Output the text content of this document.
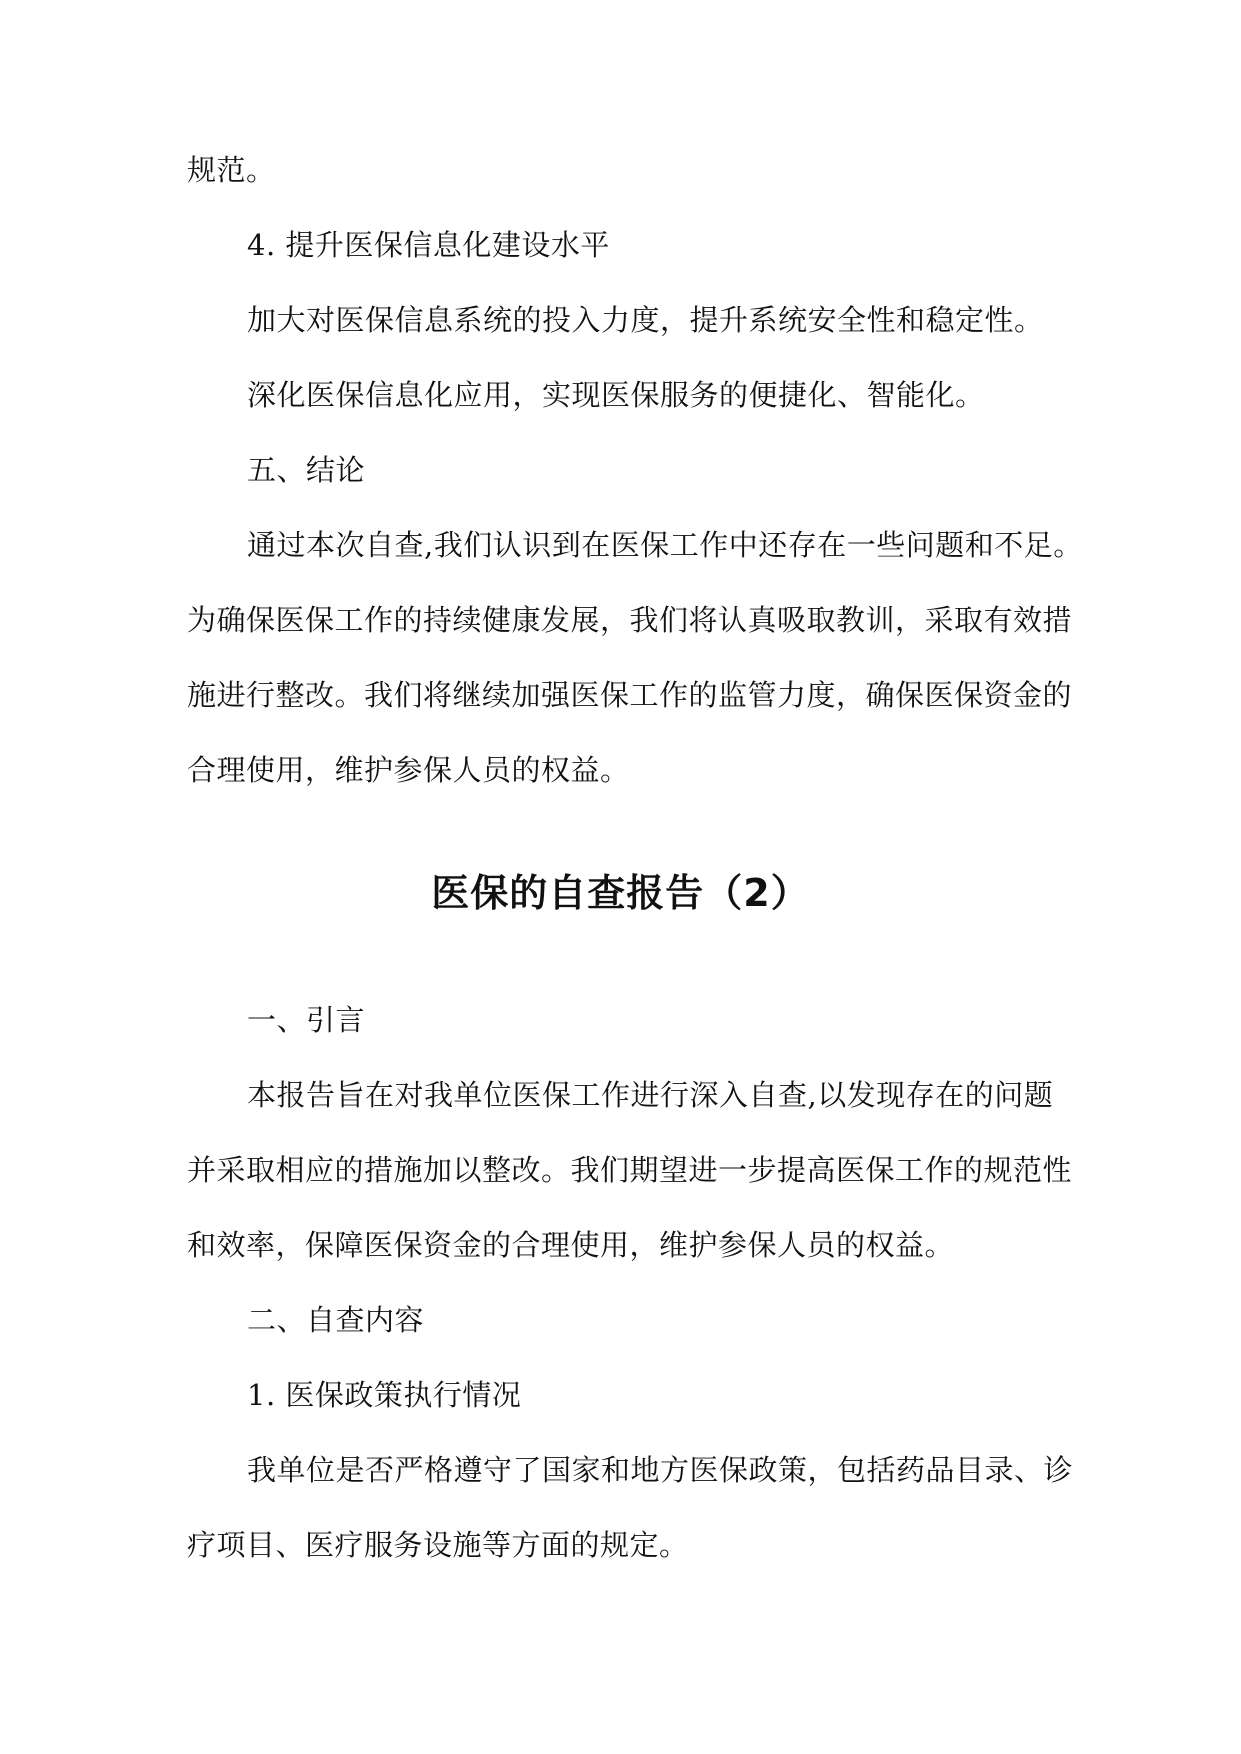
规范。
4. 提升医保信息化建设水平
加大对医保信息系统的投入力度，提升系统安全性和稳定性。
深化医保信息化应用，实现医保服务的便捷化、智能化。
五、结论
通过本次自查,我们认识到在医保工作中还存在一些问题和不足。
为确保医保工作的持续健康发展，我们将认真吸取教训，采取有效措
施进行整改。我们将继续加强医保工作的监管力度，确保医保资金的
合理使用，维护参保人员的权益。
医保的自查报告（2）
一、引言
本报告旨在对我单位医保工作进行深入自查,以发现存在的问题
并采取相应的措施加以整改。我们期望进一步提高医保工作的规范性
和效率，保障医保资金的合理使用，维护参保人员的权益。
二、自查内容
1. 医保政策执行情况
我单位是否严格遵守了国家和地方医保政策，包括药品目录、诊
疗项目、医疗服务设施等方面的规定。
